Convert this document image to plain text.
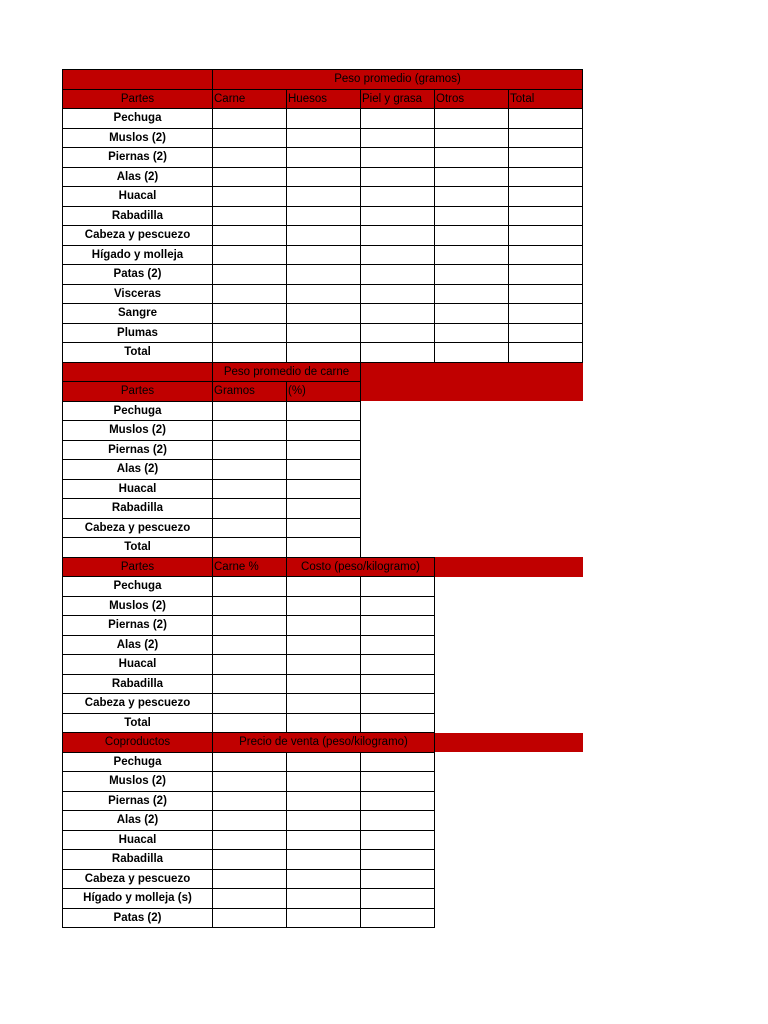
	Peso promedio (gramos)				
Partes	Carne	Huesos	Piel y grasa	Otros	Total
Pechuga					
Muslos (2)					
Piernas (2)					
Alas (2)					
Huacal					
Rabadilla					
Cabeza y pescuezo					
Hígado y molleja					
Patas (2)					
Visceras					
Sangre					
Plumas					
Total					
	Peso promedio de carne				
Partes	Gramos	(%)			
Pechuga					
Muslos (2)					
Piernas (2)					
Alas (2)					
Huacal					
Rabadilla					
Cabeza y pescuezo					
Total					
Partes	Carne %	Costo (peso/kilogramo)			
Pechuga					
Muslos (2)					
Piernas (2)					
Alas (2)					
Huacal					
Rabadilla					
Cabeza y pescuezo					
Total					
Coproductos	Precio de venta (peso/kilogramo)				
Pechuga					
Muslos (2)					
Piernas (2)					
Alas (2)					
Huacal					
Rabadilla					
Cabeza y pescuezo					
Hígado y molleja (s)					
Patas (2)					
